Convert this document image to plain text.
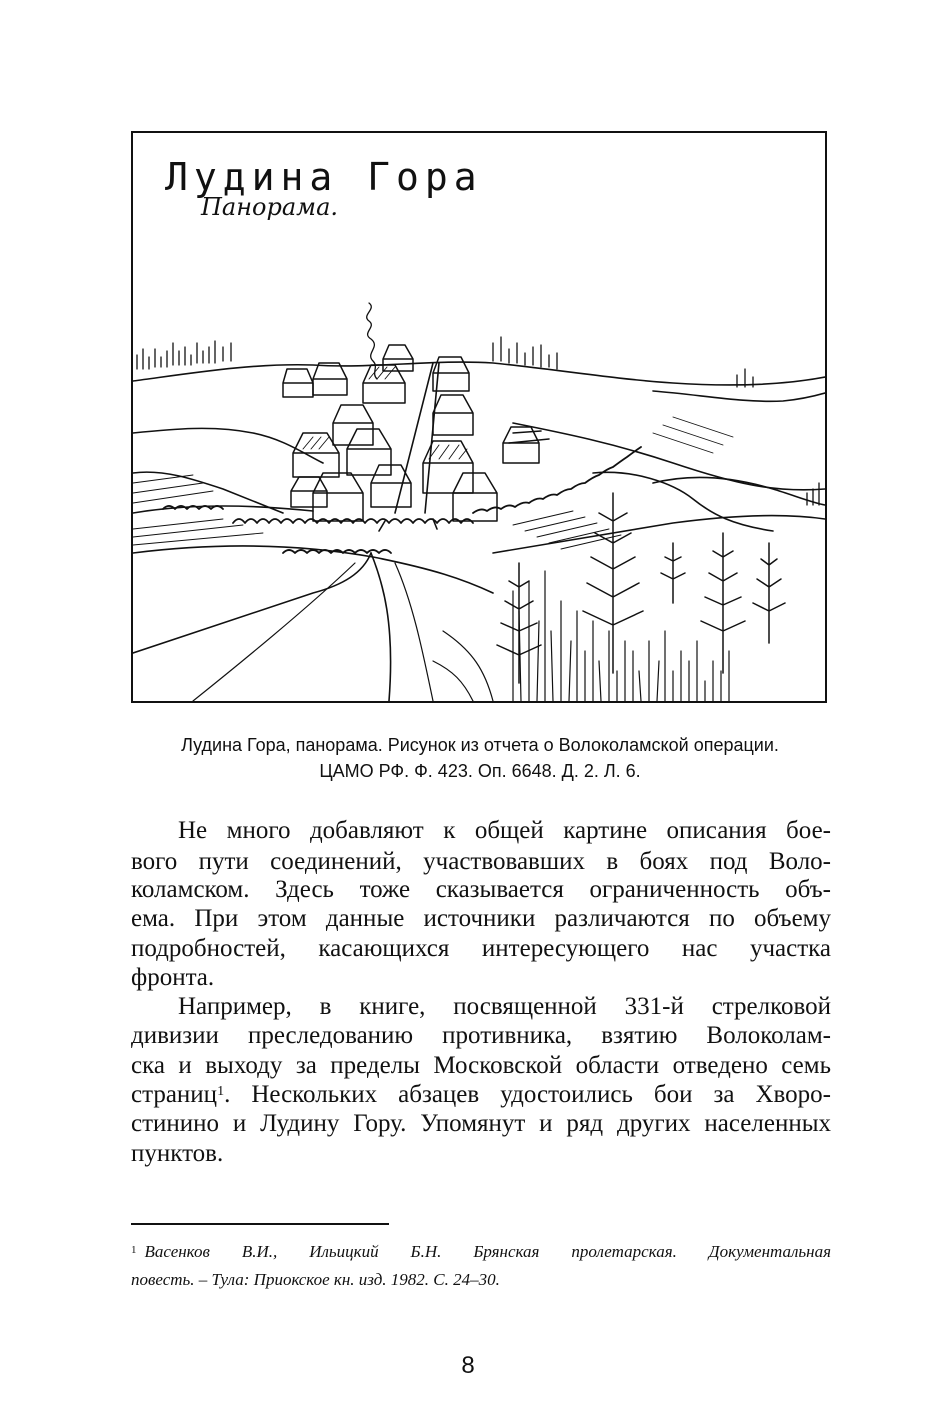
Лудина Гора
Панорама.
Лудина Гора, панорама. Рисунок из отчета о Волоколамской операции.
ЦАМО РФ. Ф. 423. Оп. 6648. Д. 2. Л. 6.
Не много добавляют к общей картине описания бое-
вого пути соединений, участвовавших в боях под Воло-
коламском. Здесь тоже сказывается ограниченность объ-
ема. При этом данные источники различаются по объему
подробностей, касающихся интересующего нас участка
фронта.
Например, в книге, посвященной 331-й стрелковой
дивизии преследованию противника, взятию Волоколам-
ска и выходу за пределы Московской области отведено семь
страниц$^1$. Нескольких абзацев удостоились бои за Хворо-
стинино и Лудину Гору. Упомянут и ряд других населенных
пунктов.
$^1$ Васенков В.И., Ильицкий Б.Н. Брянская пролетарская. Документальная
повесть. – Тула: Приокское кн. изд. 1982. С. 24–30.
8
